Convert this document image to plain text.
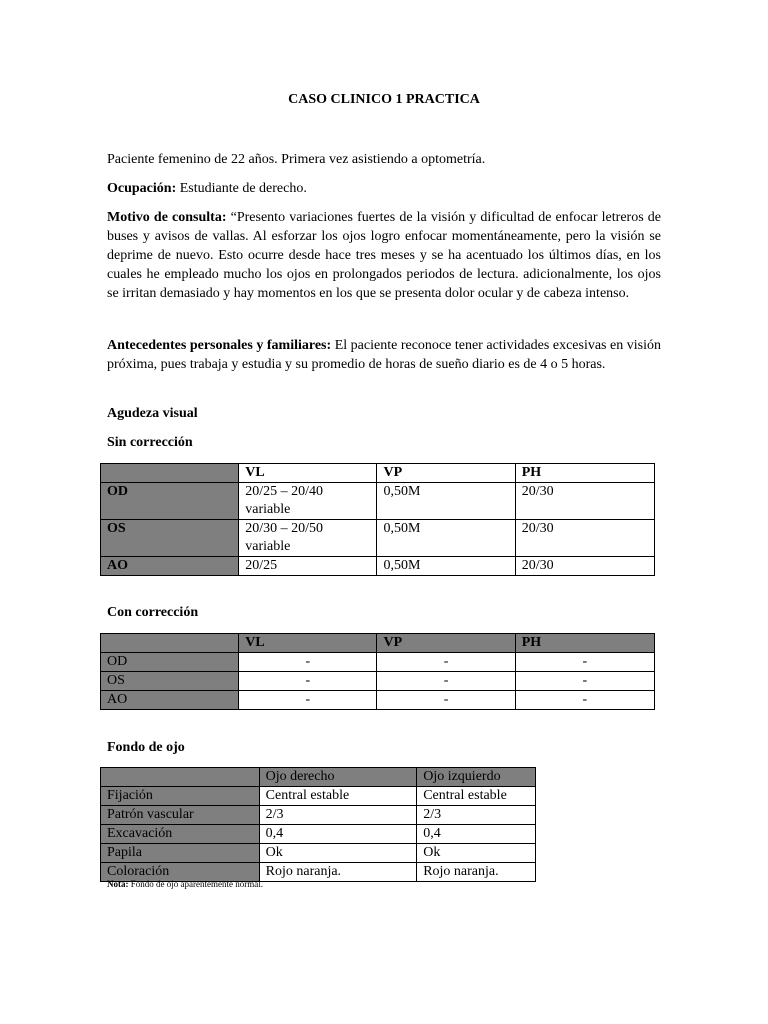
CASO CLINICO 1 PRACTICA

Paciente femenino de 22 años. Primera vez asistiendo a optometría.

Ocupación: Estudiante de derecho.

Motivo de consulta: “Presento variaciones fuertes de la visión y dificultad de enfocar letreros de buses y avisos de vallas. Al esforzar los ojos logro enfocar momentáneamente, pero la visión se deprime de nuevo. Esto ocurre desde hace tres meses y se ha acentuado los últimos días, en los cuales he empleado mucho los ojos en prolongados periodos de lectura. adicionalmente, los ojos se irritan demasiado y hay momentos en los que se presenta dolor ocular y de cabeza intenso.

Antecedentes personales y familiares: El paciente reconoce tener actividades excesivas en visión próxima, pues trabaja y estudia y su promedio de horas de sueño diario es de 4 o 5 horas.

Agudeza visual

Sin corrección

	VL	VP	PH
OD	20/25 – 20/40 variable	0,50M	20/30
OS	20/30 – 20/50 variable	0,50M	20/30
AO	20/25	0,50M	20/30

Con corrección

	VL	VP	PH
OD	-	-	-
OS	-	-	-
AO	-	-	-

Fondo de ojo

	Ojo derecho	Ojo izquierdo
Fijación	Central estable	Central estable
Patrón vascular	2/3	2/3
Excavación	0,4	0,4
Papila	Ok	Ok
Coloración	Rojo naranja.	Rojo naranja.
Nota: Fondo de ojo aparentemente normal.
